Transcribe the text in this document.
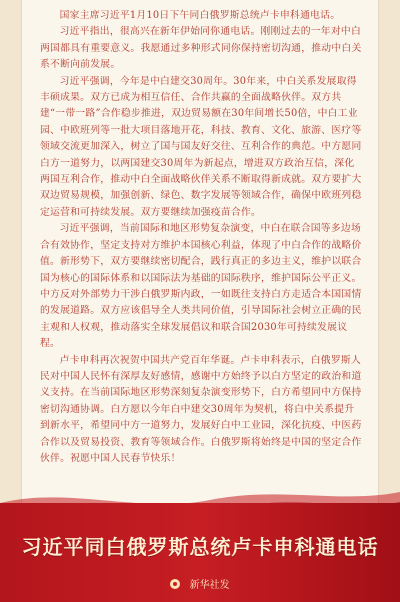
国家主席习近平1月10日下午同白俄罗斯总统卢卡申科通电话。

习近平指出，很高兴在新年伊始同你通电话。刚刚过去的一年对中白两国都具有重要意义。我愿通过多种形式同你保持密切沟通，推动中白关系不断向前发展。

习近平强调，今年是中白建交30周年。30年来，中白关系发展取得丰硕成果。双方已成为相互信任、合作共赢的全面战略伙伴。双方共建“一带一路”合作稳步推进，双边贸易额在30年间增长50倍，中白工业园、中欧班列等一批大项目落地开花，科技、教育、文化、旅游、医疗等领域交流更加深入，树立了国与国友好交往、互利合作的典范。中方愿同白方一道努力，以两国建交30周年为新起点，增进双方政治互信，深化两国互利合作，推动中白全面战略伙伴关系不断取得新成就。双方要扩大双边贸易规模，加强创新、绿色、数字发展等领域合作，确保中欧班列稳定运营和可持续发展。双方要继续加强疫苗合作。

习近平强调，当前国际和地区形势复杂演变，中白在联合国等多边场合有效协作，坚定支持对方维护本国核心利益，体现了中白合作的战略价值。新形势下，双方要继续密切配合，践行真正的多边主义，维护以联合国为核心的国际体系和以国际法为基础的国际秩序，维护国际公平正义。中方反对外部势力干涉白俄罗斯内政，一如既往支持白方走适合本国国情的发展道路。双方应该倡导全人类共同价值，引导国际社会树立正确的民主观和人权观，推动落实全球发展倡议和联合国2030年可持续发展议程。

卢卡申科再次祝贺中国共产党百年华诞。卢卡申科表示，白俄罗斯人民对中国人民怀有深厚友好感情，感谢中方始终予以白方坚定的政治和道义支持。在当前国际地区形势深刻复杂演变形势下，白方希望同中方保持密切沟通协调。白方愿以今年白中建交30周年为契机，将白中关系提升到新水平，希望同中方一道努力，发展好白中工业园，深化抗疫、中医药合作以及贸易投资、教育等领域合作。白俄罗斯将始终是中国的坚定合作伙伴。祝愿中国人民春节快乐！

习近平同白俄罗斯总统卢卡申科通电话
新华社发
